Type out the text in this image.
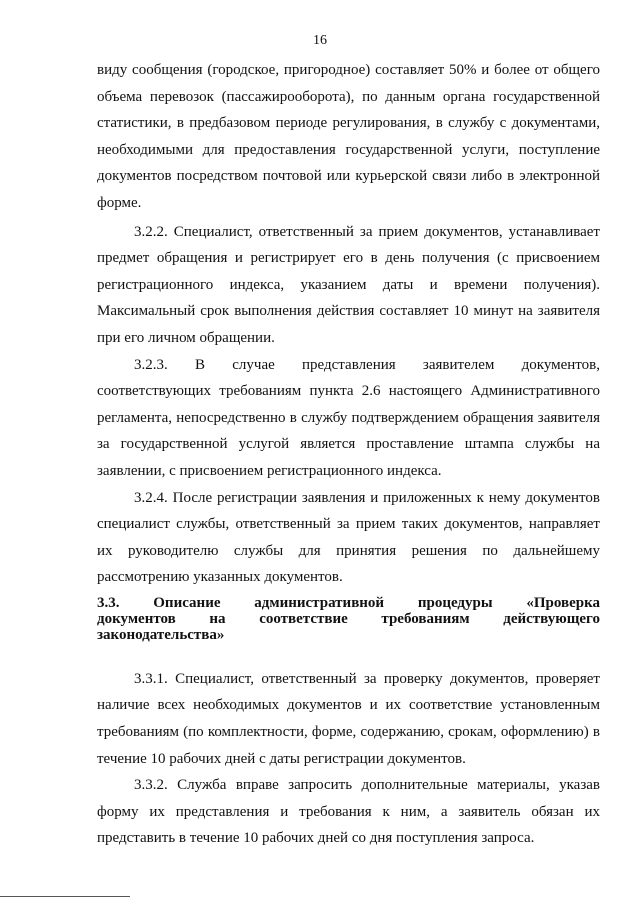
16

виду сообщения (городское, пригородное) составляет 50% и более от общего объема перевозок (пассажирооборота), по данным органа государственной статистики, в предбазовом периоде регулирования, в службу с документами, необходимыми для предоставления государственной услуги, поступление документов посредством почтовой или курьерской связи либо в электронной форме.

3.2.2. Специалист, ответственный за прием документов, устанавливает предмет обращения и регистрирует его в день получения (с присвоением регистрационного индекса, указанием даты и времени получения). Максимальный срок выполнения действия составляет 10 минут на заявителя при его личном обращении.

3.2.3. В случае представления заявителем документов, соответствующих требованиям пункта 2.6 настоящего Административного регламента, непосредственно в службу подтверждением обращения заявителя за государственной услугой является проставление штампа службы на заявлении, с присвоением регистрационного индекса.

3.2.4. После регистрации заявления и приложенных к нему документов специалист службы, ответственный за прием таких документов, направляет их руководителю службы для принятия решения по дальнейшему рассмотрению указанных документов.

3.3. Описание административной процедуры «Проверка
документов на соответствие требованиям действующего
законодательства»

3.3.1. Специалист, ответственный за проверку документов, проверяет наличие всех необходимых документов и их соответствие установленным требованиям (по комплектности, форме, содержанию, срокам, оформлению) в течение 10 рабочих дней с даты регистрации документов.

3.3.2. Служба вправе запросить дополнительные материалы, указав форму их представления и требования к ним, а заявитель обязан их представить в течение 10 рабочих дней со дня поступления запроса.
